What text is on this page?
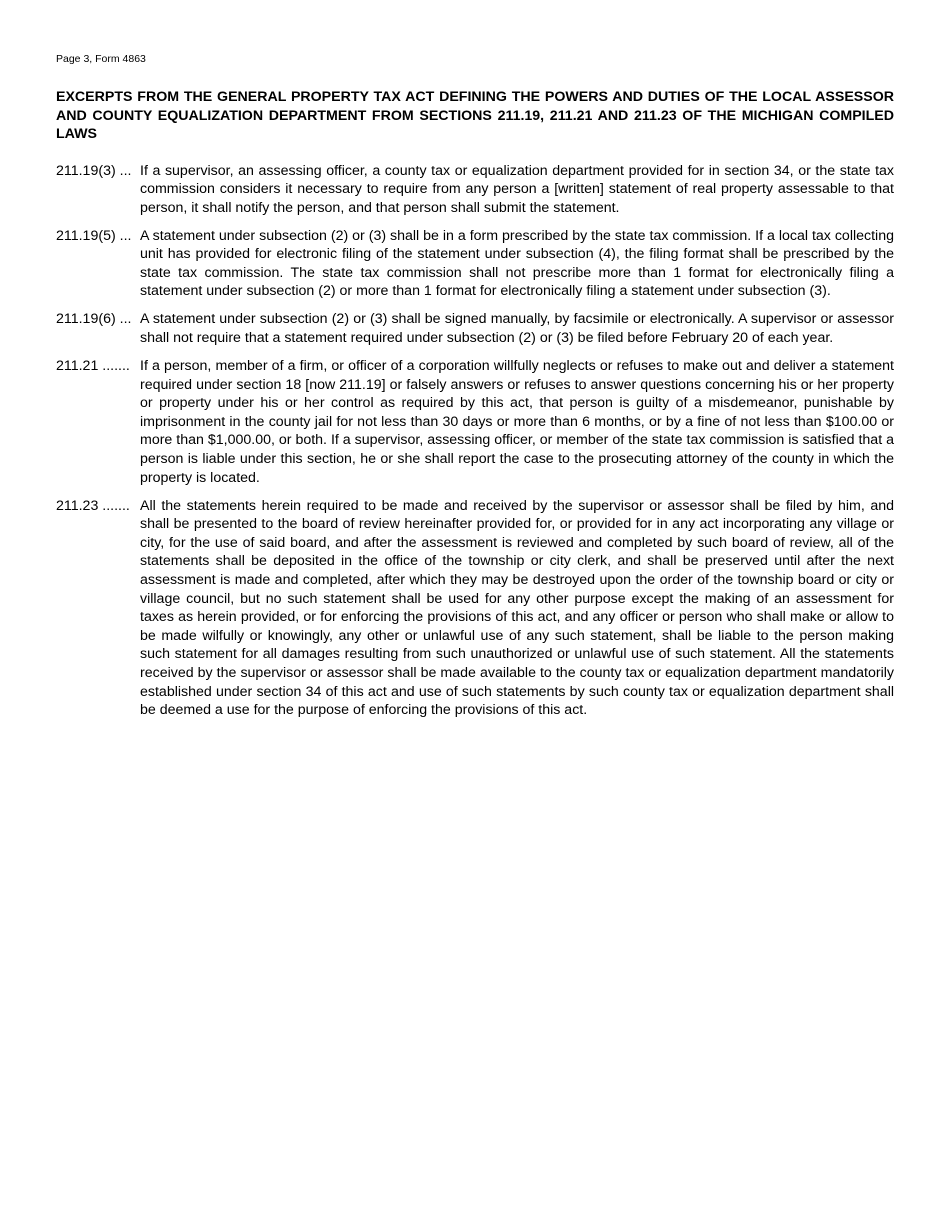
Page 3, Form 4863

EXCERPTS FROM THE GENERAL PROPERTY TAX ACT DEFINING THE POWERS AND DUTIES OF THE LOCAL ASSESSOR AND COUNTY EQUALIZATION DEPARTMENT FROM SECTIONS 211.19, 211.21 AND 211.23 OF THE MICHIGAN COMPILED LAWS
211.19(3) ... If a supervisor, an assessing officer, a county tax or equalization department provided for in section 34, or the state tax commission considers it necessary to require from any person a [written] statement of real property assessable to that person, it shall notify the person, and that person shall submit the statement.
211.19(5) ... A statement under subsection (2) or (3) shall be in a form prescribed by the state tax commission. If a local tax collecting unit has provided for electronic filing of the statement under subsection (4), the filing format shall be prescribed by the state tax commission. The state tax commission shall not prescribe more than 1 format for electronically filing a statement under subsection (2) or more than 1 format for electronically filing a statement under subsection (3).
211.19(6) ... A statement under subsection (2) or (3) shall be signed manually, by facsimile or electronically. A supervisor or assessor shall not require that a statement required under subsection (2) or (3) be filed before February 20 of each year.
211.21 ....... If a person, member of a firm, or officer of a corporation willfully neglects or refuses to make out and deliver a statement required under section 18 [now 211.19] or falsely answers or refuses to answer questions concerning his or her property or property under his or her control as required by this act, that person is guilty of a misdemeanor, punishable by imprisonment in the county jail for not less than 30 days or more than 6 months, or by a fine of not less than $100.00 or more than $1,000.00, or both. If a supervisor, assessing officer, or member of the state tax commission is satisfied that a person is liable under this section, he or she shall report the case to the prosecuting attorney of the county in which the property is located.
211.23 ....... All the statements herein required to be made and received by the supervisor or assessor shall be filed by him, and shall be presented to the board of review hereinafter provided for, or provided for in any act incorporating any village or city, for the use of said board, and after the assessment is reviewed and completed by such board of review, all of the statements shall be deposited in the office of the township or city clerk, and shall be preserved until after the next assessment is made and completed, after which they may be destroyed upon the order of the township board or city or village council, but no such statement shall be used for any other purpose except the making of an assessment for taxes as herein provided, or for enforcing the provisions of this act, and any officer or person who shall make or allow to be made wilfully or knowingly, any other or unlawful use of any such statement, shall be liable to the person making such statement for all damages resulting from such unauthorized or unlawful use of such statement. All the statements received by the supervisor or assessor shall be made available to the county tax or equalization department mandatorily established under section 34 of this act and use of such statements by such county tax or equalization department shall be deemed a use for the purpose of enforcing the provisions of this act.
